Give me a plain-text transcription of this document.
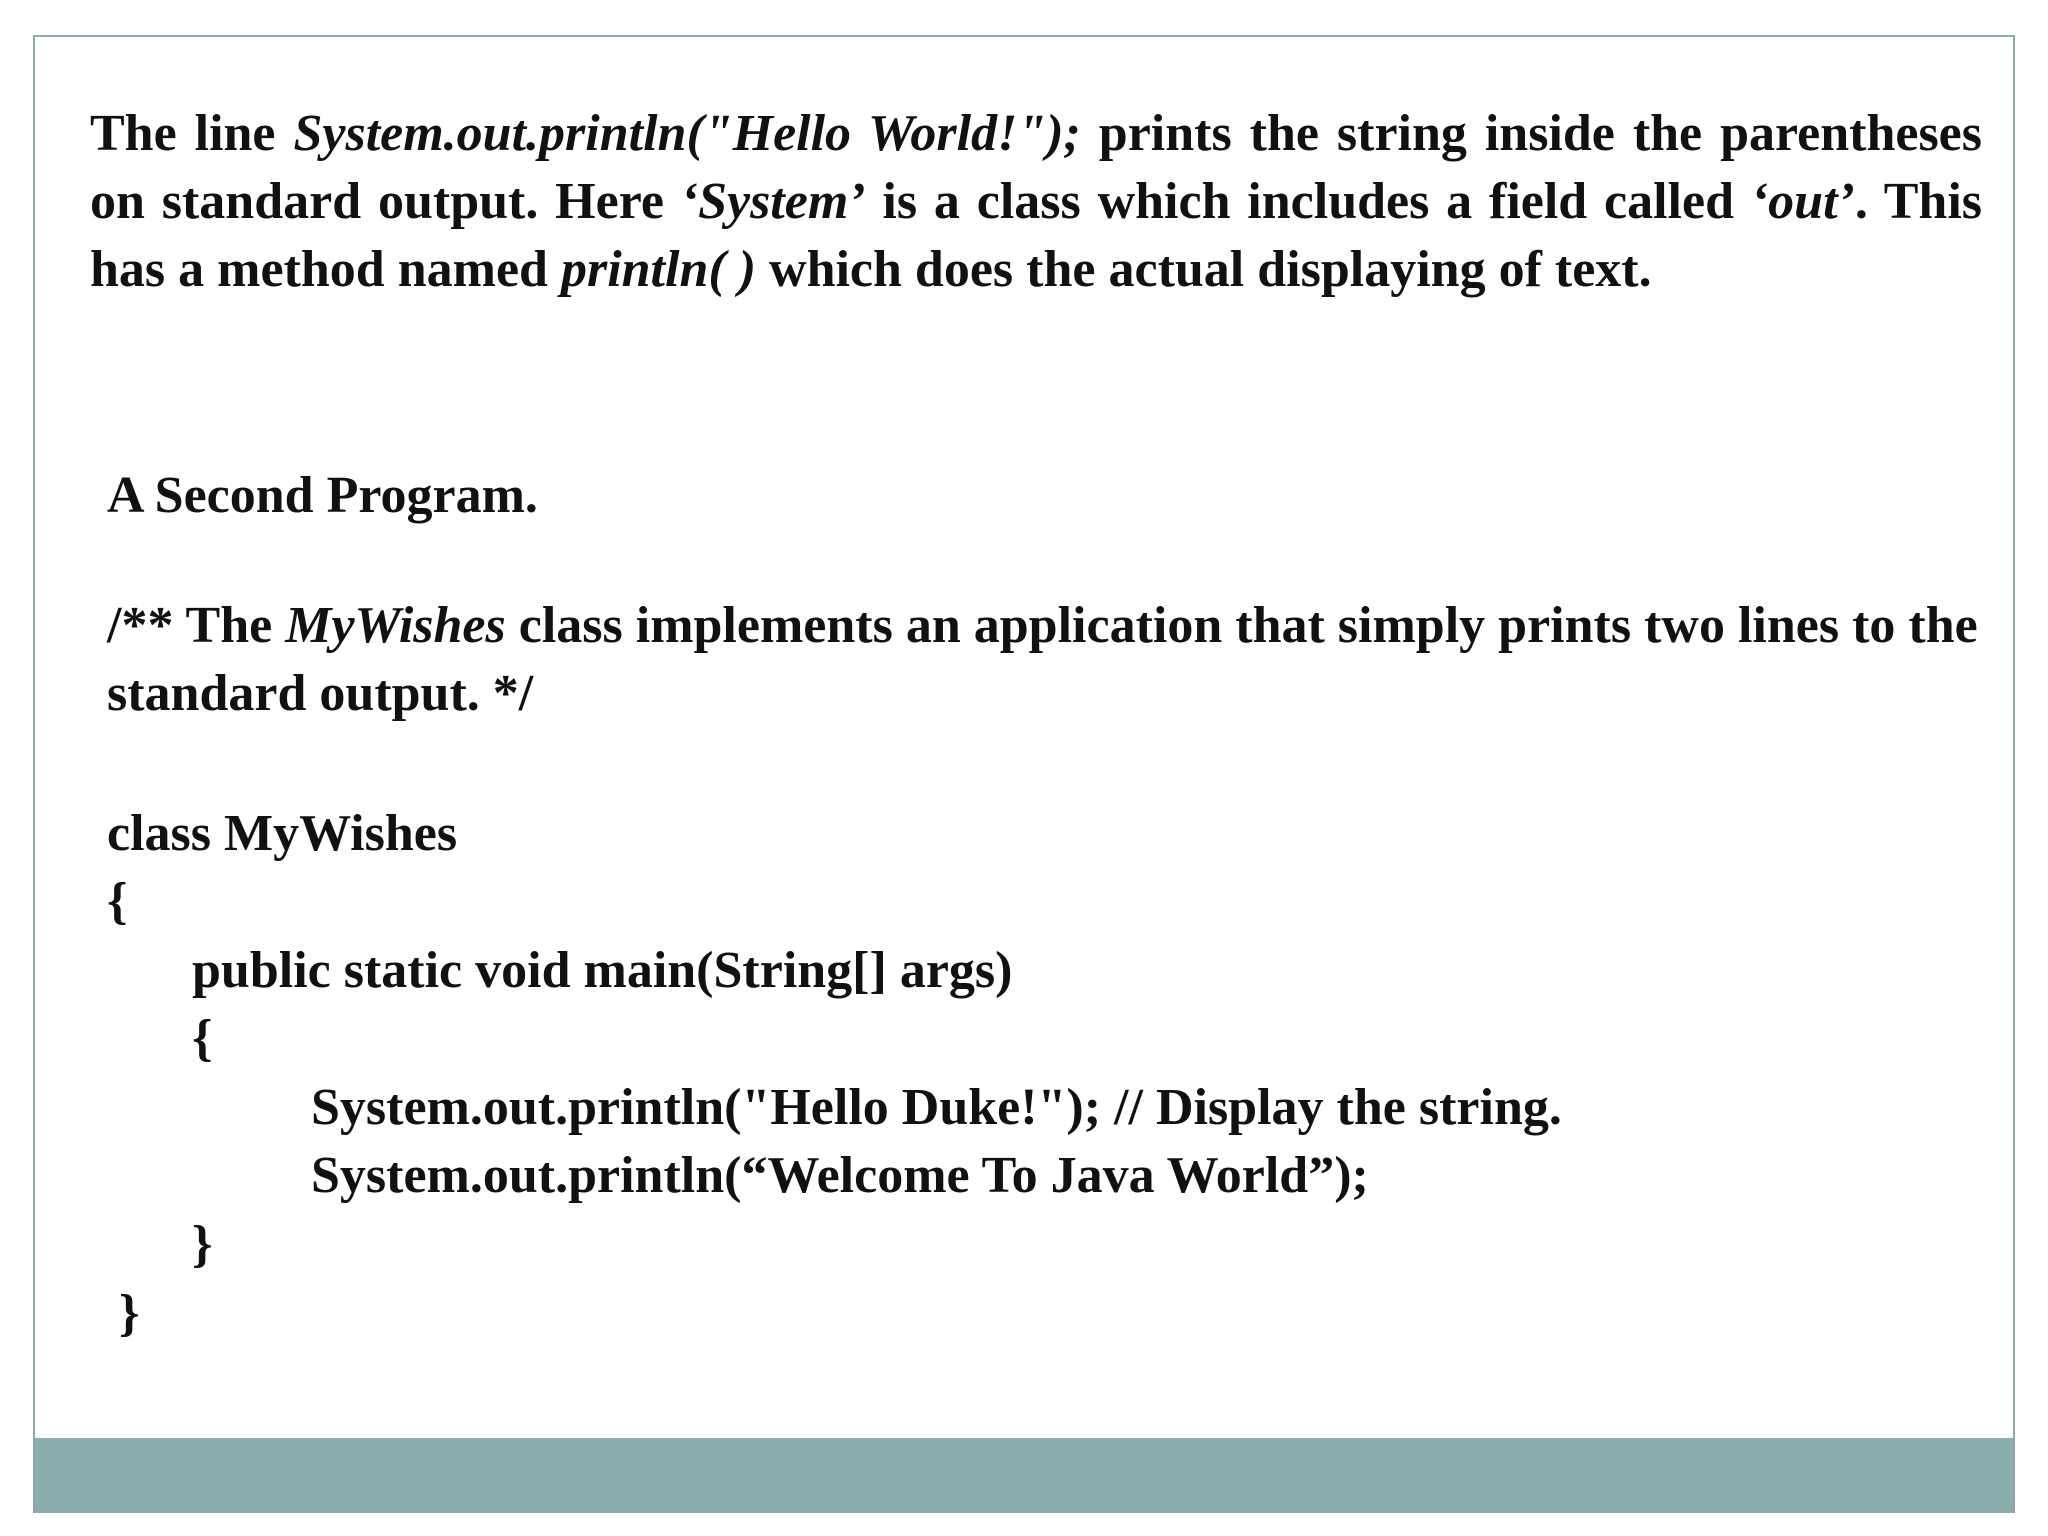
The line System.out.println("Hello World!"); prints the string inside the parentheses on standard output. Here ‘System’ is a class which includes a field called ‘out’. This has a method named println( ) which does the actual displaying of text.

A Second Program.

/** The MyWishes class implements an application that simply prints two lines to the standard output. */

class MyWishes
{
public static void main(String[] args)
{
System.out.println("Hello Duke!"); // Display the string.
System.out.println(“Welcome To Java World”);
}
}
